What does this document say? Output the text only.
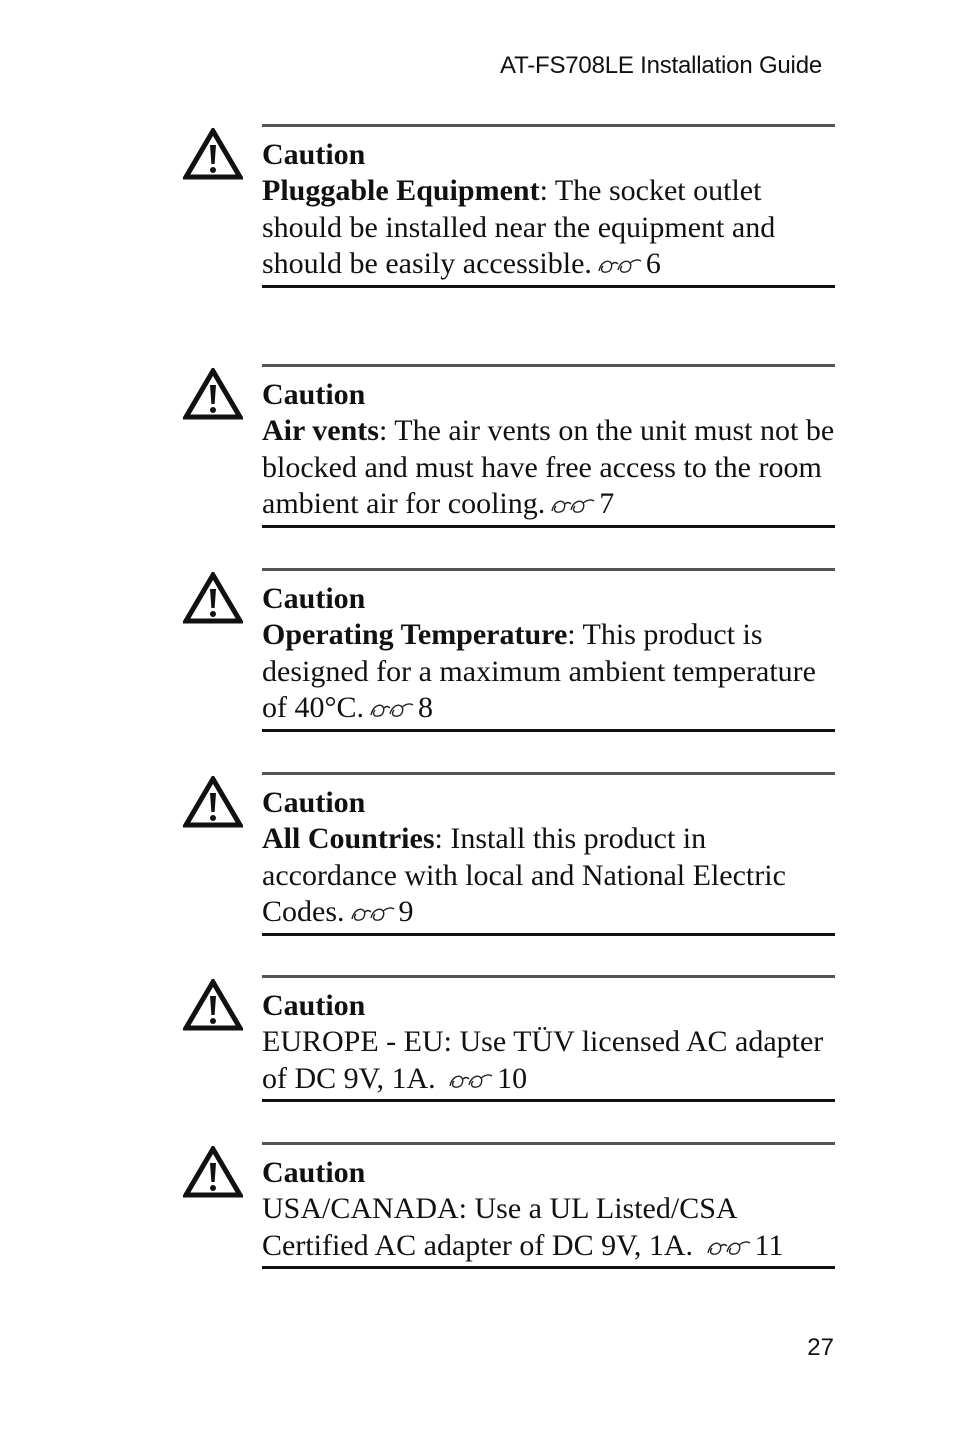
AT-FS708LE Installation Guide
Caution
Pluggable Equipment: The socket outlet should be installed near the equipment and should be easily accessible. 6
Caution
Air vents: The air vents on the unit must not be blocked and must have free access to the room ambient air for cooling. 7
Caution
Operating Temperature: This product is designed for a maximum ambient temperature of 40°C. 8
Caution
All Countries: Install this product in accordance with local and National Electric Codes. 9
Caution
EUROPE - EU: Use TÜV licensed AC adapter of DC 9V, 1A. 10
Caution
USA/CANADA: Use a UL Listed/CSA Certified AC adapter of DC 9V, 1A. 11
27
